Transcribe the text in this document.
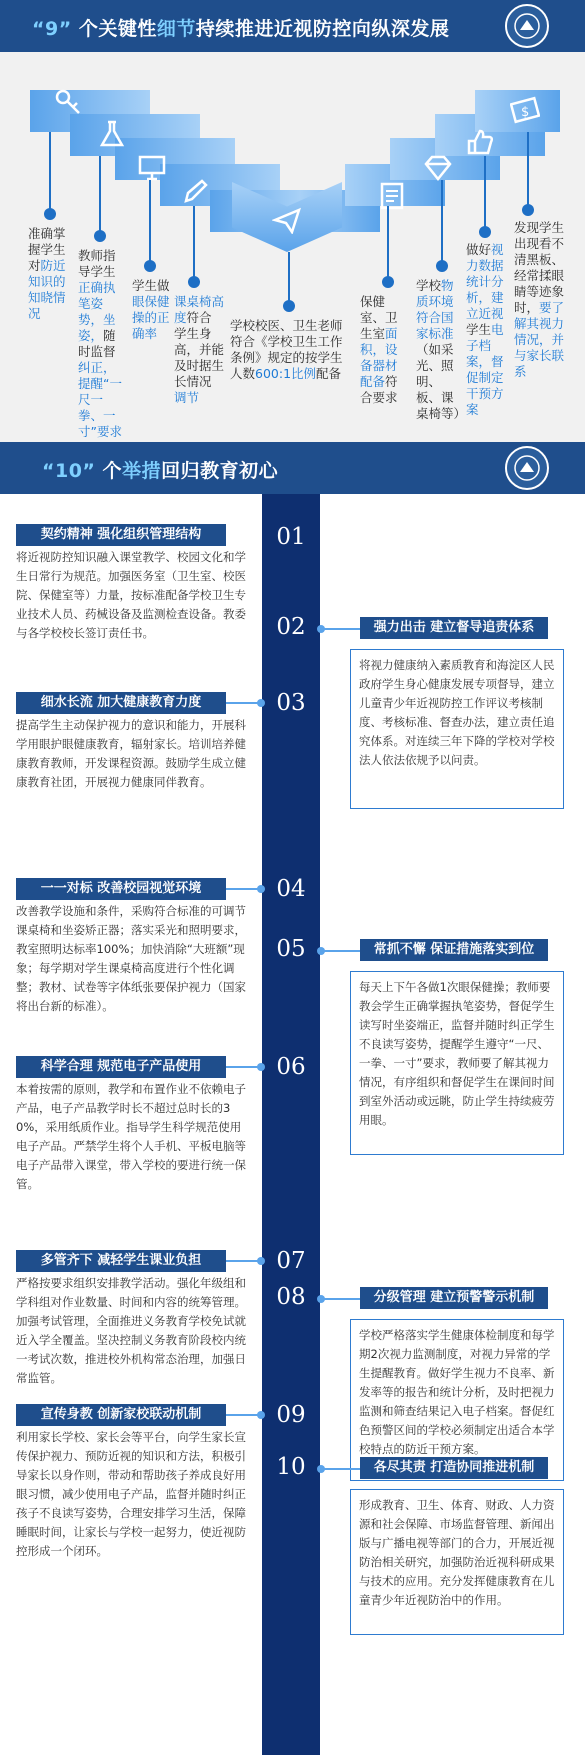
“9” 个关键性细节持续推进近视防控向纵深发展
$
准确掌握学生对防近知识的知晓情况
教师指导学生正确执笔姿势，坐姿，随时监督纠正，提醒“一尺一拳、一寸”要求
学生做眼保健操的正确率
课桌椅高度符合学生身高，并能及时据生长情况调节
学校校医、卫生老师符合《学校卫生工作条例》规定的按学生人数600:1比例配备
保健室、卫生室面积，设备器材配备符合要求
学校物质环境符合国家标准（如采光、照明、板、课桌椅等）
做好视力数据统计分析，建立近视学生电子档案，督促制定干预方案
发现学生出现看不清黑板、经常揉眼睛等迹象时，要了解其视力情况，并与家长联系
“10” 个举措回归教育初心
01
契约精神 强化组织管理结构
将近视防控知识融入课堂教学、校园文化和学生日常行为规范。加强医务室（卫生室、校医院、保健室等）力量，按标准配备学校卫生专业技术人员、药械设备及监测检查设备。教委与各学校校长签订责任书。	02	强力出击 建立督导追责体系
将视力健康纳入素质教育和海淀区人民政府学生身心健康发展专项督导，建立儿童青少年近视防控工作评议考核制度、考核标准、督查办法，建立责任追究体系。对连续三年下降的学校对学校法人依法依规予以问责。
03
细水长流 加大健康教育力度
提高学生主动保护视力的意识和能力，开展科学用眼护眼健康教育，辐射家长。培训培养健康教育教师，开发课程资源。鼓励学生成立健康教育社团，开展视力健康同伴教育。
04
一一对标 改善校园视觉环境
改善教学设施和条件，采购符合标准的可调节课桌椅和坐姿矫正器；落实采光和照明要求，教室照明达标率100%；加快消除“大班额”现象；每学期对学生课桌椅高度进行个性化调整；教材、试卷等字体纸张要保护视力（国家将出台新的标准）。
05	常抓不懈 保证措施落实到位
每天上下午各做1次眼保健操；教师要教会学生正确掌握执笔姿势，督促学生读写时坐姿端正，监督并随时纠正学生不良读写姿势，提醒学生遵守“一尺、一拳、一寸”要求，教师要了解其视力情况，有序组织和督促学生在课间时间到室外活动或远眺，防止学生持续疲劳用眼。
06
科学合理 规范电子产品使用
本着按需的原则，教学和布置作业不依赖电子产品，电子产品教学时长不超过总时长的30%，采用纸质作业。指导学生科学规范使用电子产品。严禁学生将个人手机、平板电脑等电子产品带入课堂，带入学校的要进行统一保管。
07
多管齐下 减轻学生课业负担
严格按要求组织安排教学活动。强化年级组和学科组对作业数量、时间和内容的统筹管理。加强考试管理，全面推进义务教育学校免试就近入学全覆盖。坚决控制义务教育阶段校内统一考试次数，推进校外机构常态治理，加强日常监管。
08	分级管理 建立预警警示机制
学校严格落实学生健康体检制度和每学期2次视力监测制度，对视力异常的学生提醒教育。做好学生视力不良率、新发率等的报告和统计分析，及时把视力监测和筛查结果记入电子档案。督促红色预警区间的学校必须制定出适合本学校特点的防近干预方案。
09
宣传身教 创新家校联动机制
利用家长学校、家长会等平台，向学生家长宣传保护视力、预防近视的知识和方法，积极引导家长以身作则，带动和帮助孩子养成良好用眼习惯，减少使用电子产品，监督并随时纠正孩子不良读写姿势，合理安排学习生活，保障睡眠时间，让家长与学校一起努力，使近视防控形成一个闭环。
10	各尽其责 打造协同推进机制
形成教育、卫生、体育、财政、人力资源和社会保障、市场监督管理、新闻出版与广播电视等部门的合力，开展近视防治相关研究，加强防治近视科研成果与技术的应用。充分发挥健康教育在儿童青少年近视防治中的作用。
